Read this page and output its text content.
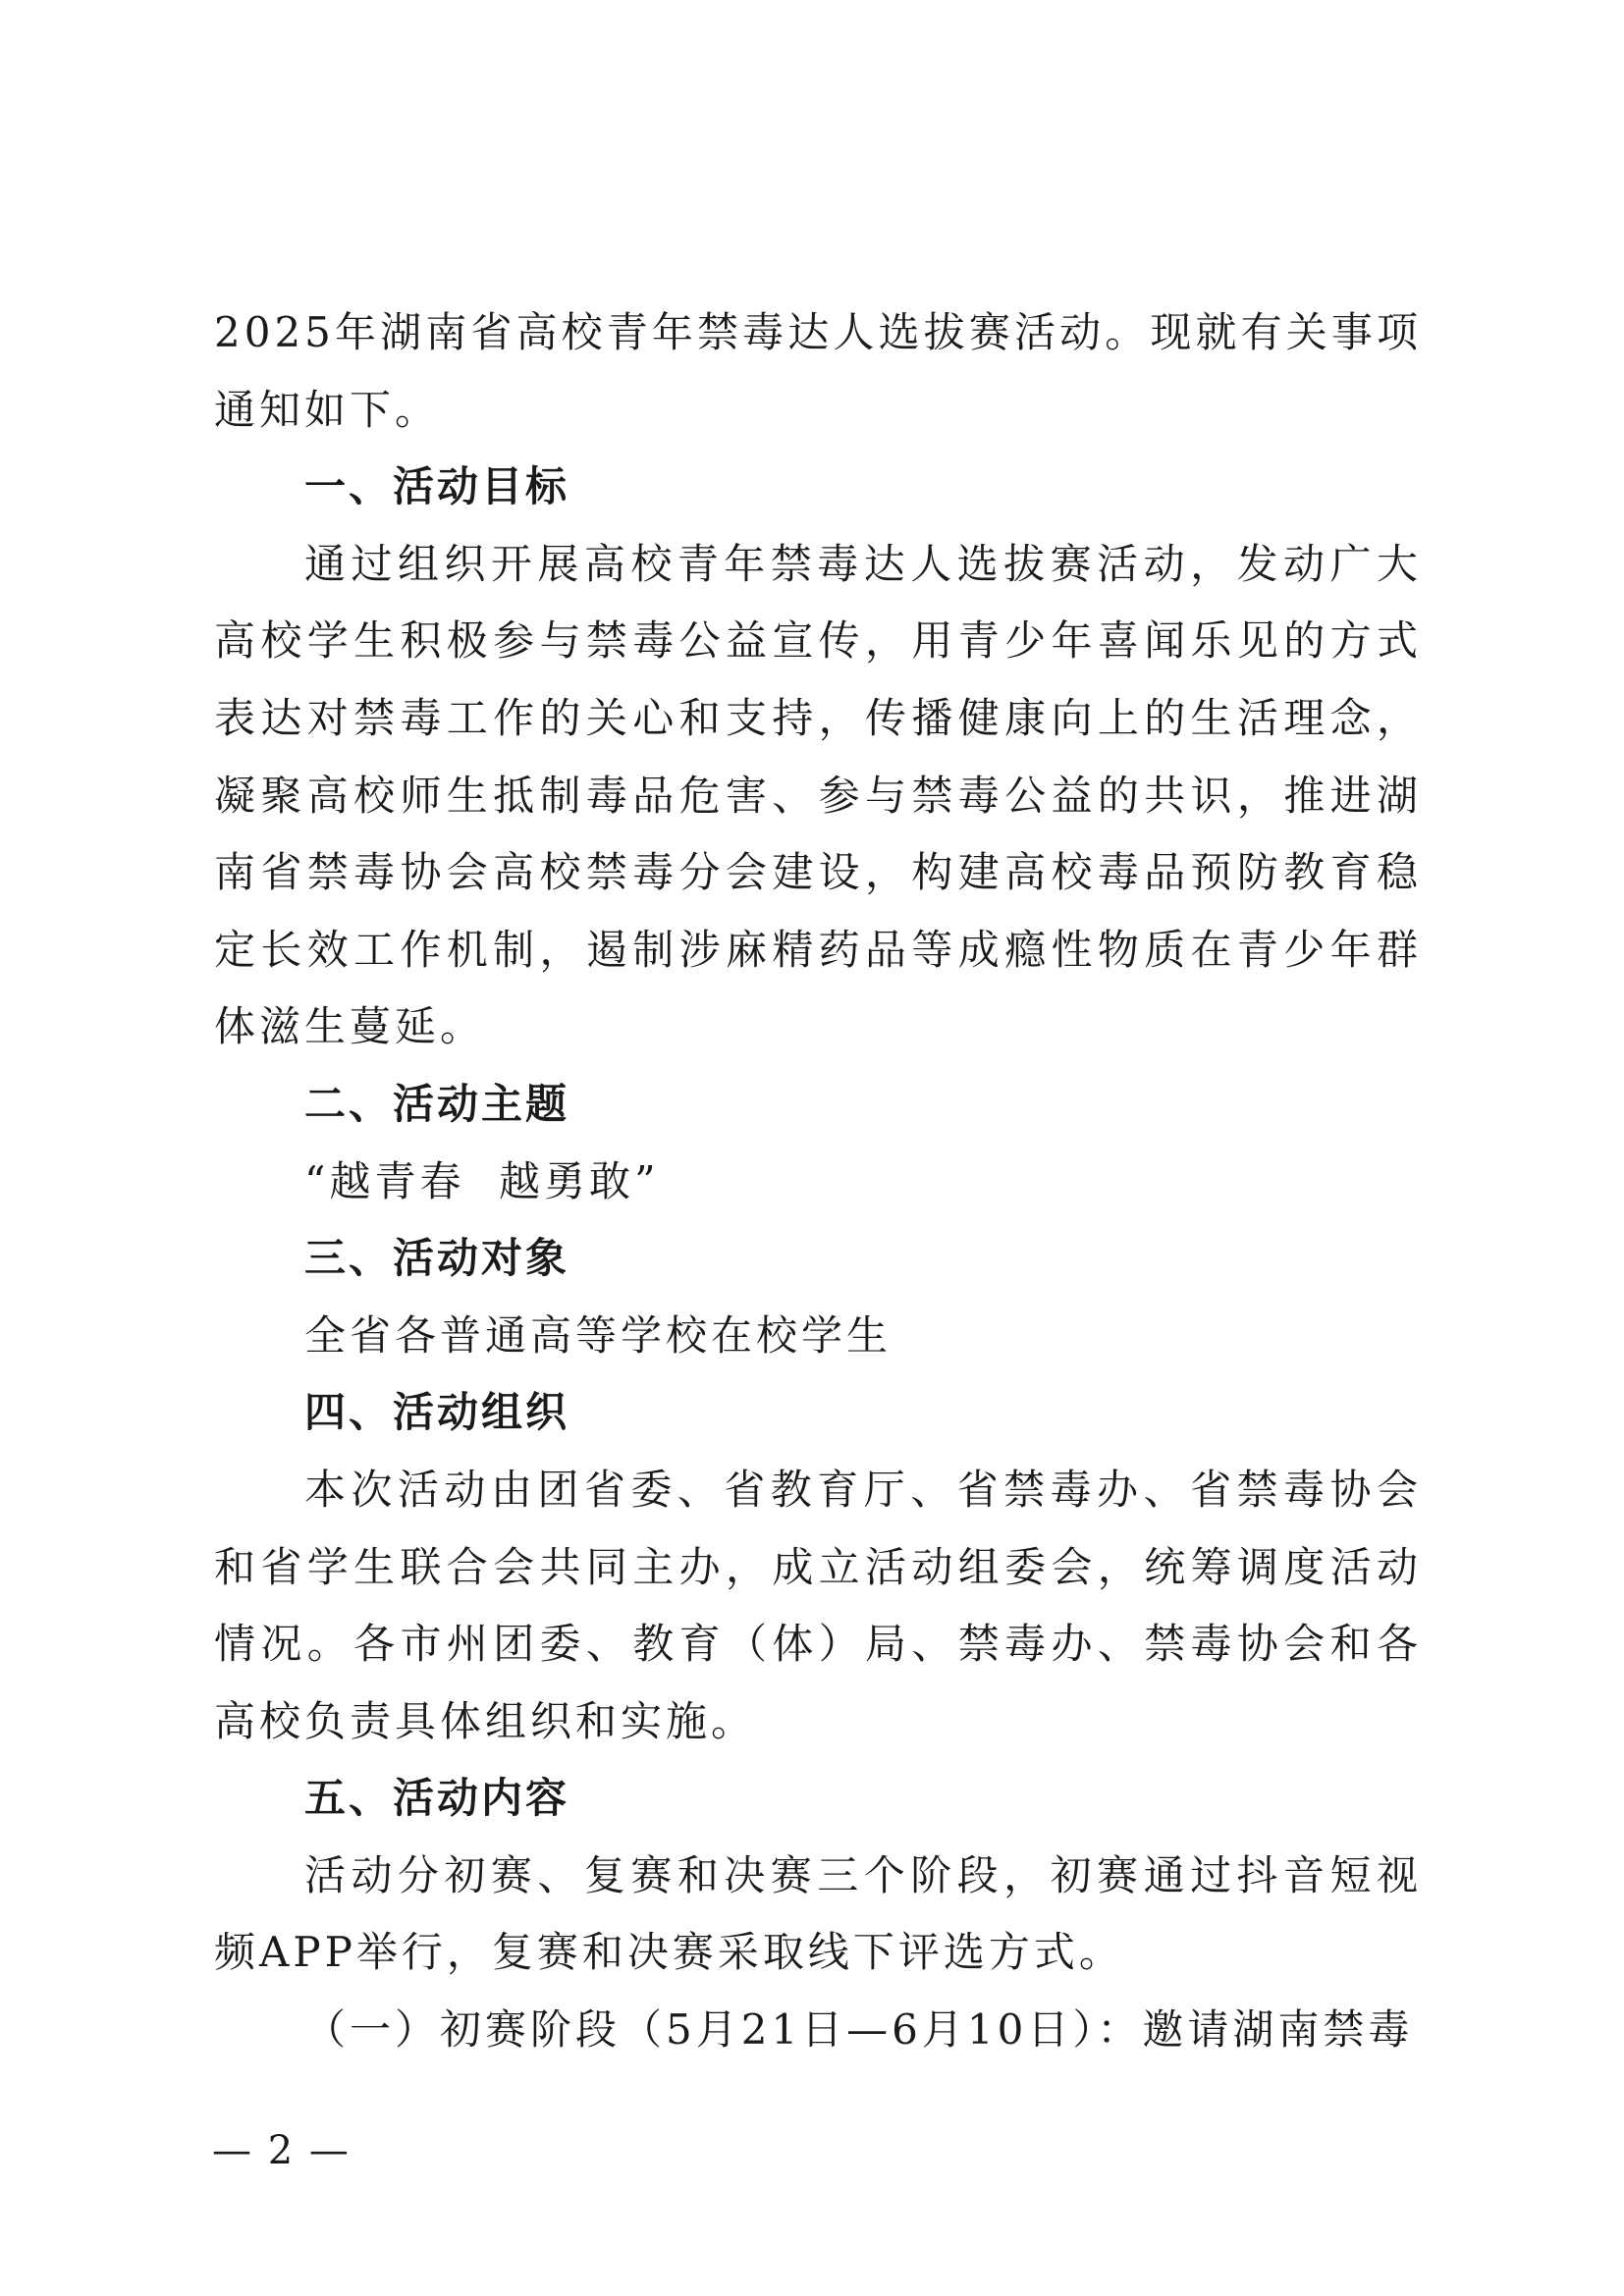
2025年湖南省高校青年禁毒达人选拔赛活动。现就有关事项通知如下。

一、活动目标

通过组织开展高校青年禁毒达人选拔赛活动，发动广大高校学生积极参与禁毒公益宣传，用青少年喜闻乐见的方式表达对禁毒工作的关心和支持，传播健康向上的生活理念，凝聚高校师生抵制毒品危害、参与禁毒公益的共识，推进湖南省禁毒协会高校禁毒分会建设，构建高校毒品预防教育稳定长效工作机制，遏制涉麻精药品等成瘾性物质在青少年群体滋生蔓延。

二、活动主题

“越青春  越勇敢”

三、活动对象

全省各普通高等学校在校学生

四、活动组织

本次活动由团省委、省教育厅、省禁毒办、省禁毒协会和省学生联合会共同主办，成立活动组委会，统筹调度活动情况。各市州团委、教育（体）局、禁毒办、禁毒协会和各高校负责具体组织和实施。

五、活动内容

活动分初赛、复赛和决赛三个阶段，初赛通过抖音短视频APP举行，复赛和决赛采取线下评选方式。

（一）初赛阶段（5月21日—6月10日）：邀请湖南禁毒

— 2 —
